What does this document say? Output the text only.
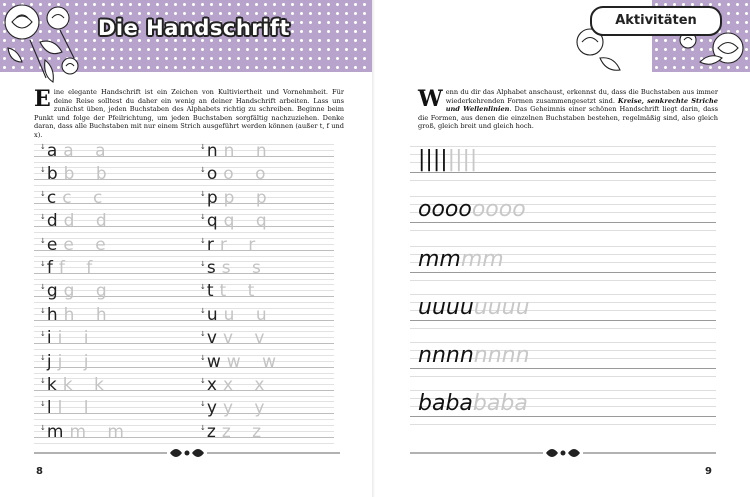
Die Handschrift
E ine elegante Handschrift ist ein Zeichen von Kultiviertheit und Vornehmheit. Für deine Reise solltest du daher ein wenig an deiner Handschrift arbeiten. Lass uns zunächst üben, jeden Buchstaben des Alphabets richtig zu schreiben. Beginne beim Punkt und folge der Pfeilrichtung, um jeden Buchstaben sorgfältig nachzuziehen. Denke daran, dass alle Buchstaben mit nur einem Strich ausgeführt werden können (außer t, f und x).
↓a a a	↓n n n
↓b b b	↓o o o
↓c c c	↓p p p
↓d d d	↓q q q
↓e e e	↓r r r
↓f f f	↓s s s
↓g g g	↓t t t
↓h h h	↓u u u
↓i i i	↓v v v
↓j j j	↓w w w
↓k k k	↓x x x
↓l l l	↓y y y
↓m m m	↓z z z
8
Aktivitäten
W enn du dir das Alphabet anschaust, erkennst du, dass die Buchstaben aus immer wiederkehrenden Formen zusammengesetzt sind. Kreise, senkrechte Striche und Wellenlinien. Das Geheimnis einer schönen Handschrift liegt darin, dass die Formen, aus denen die einzelnen Buchstaben bestehen, regelmäßig sind, also gleich groß, gleich breit und gleich hoch.
||||||||
oooooooo
mmmm
uuuuuuuu
nnnnnnnn
babababa
9
